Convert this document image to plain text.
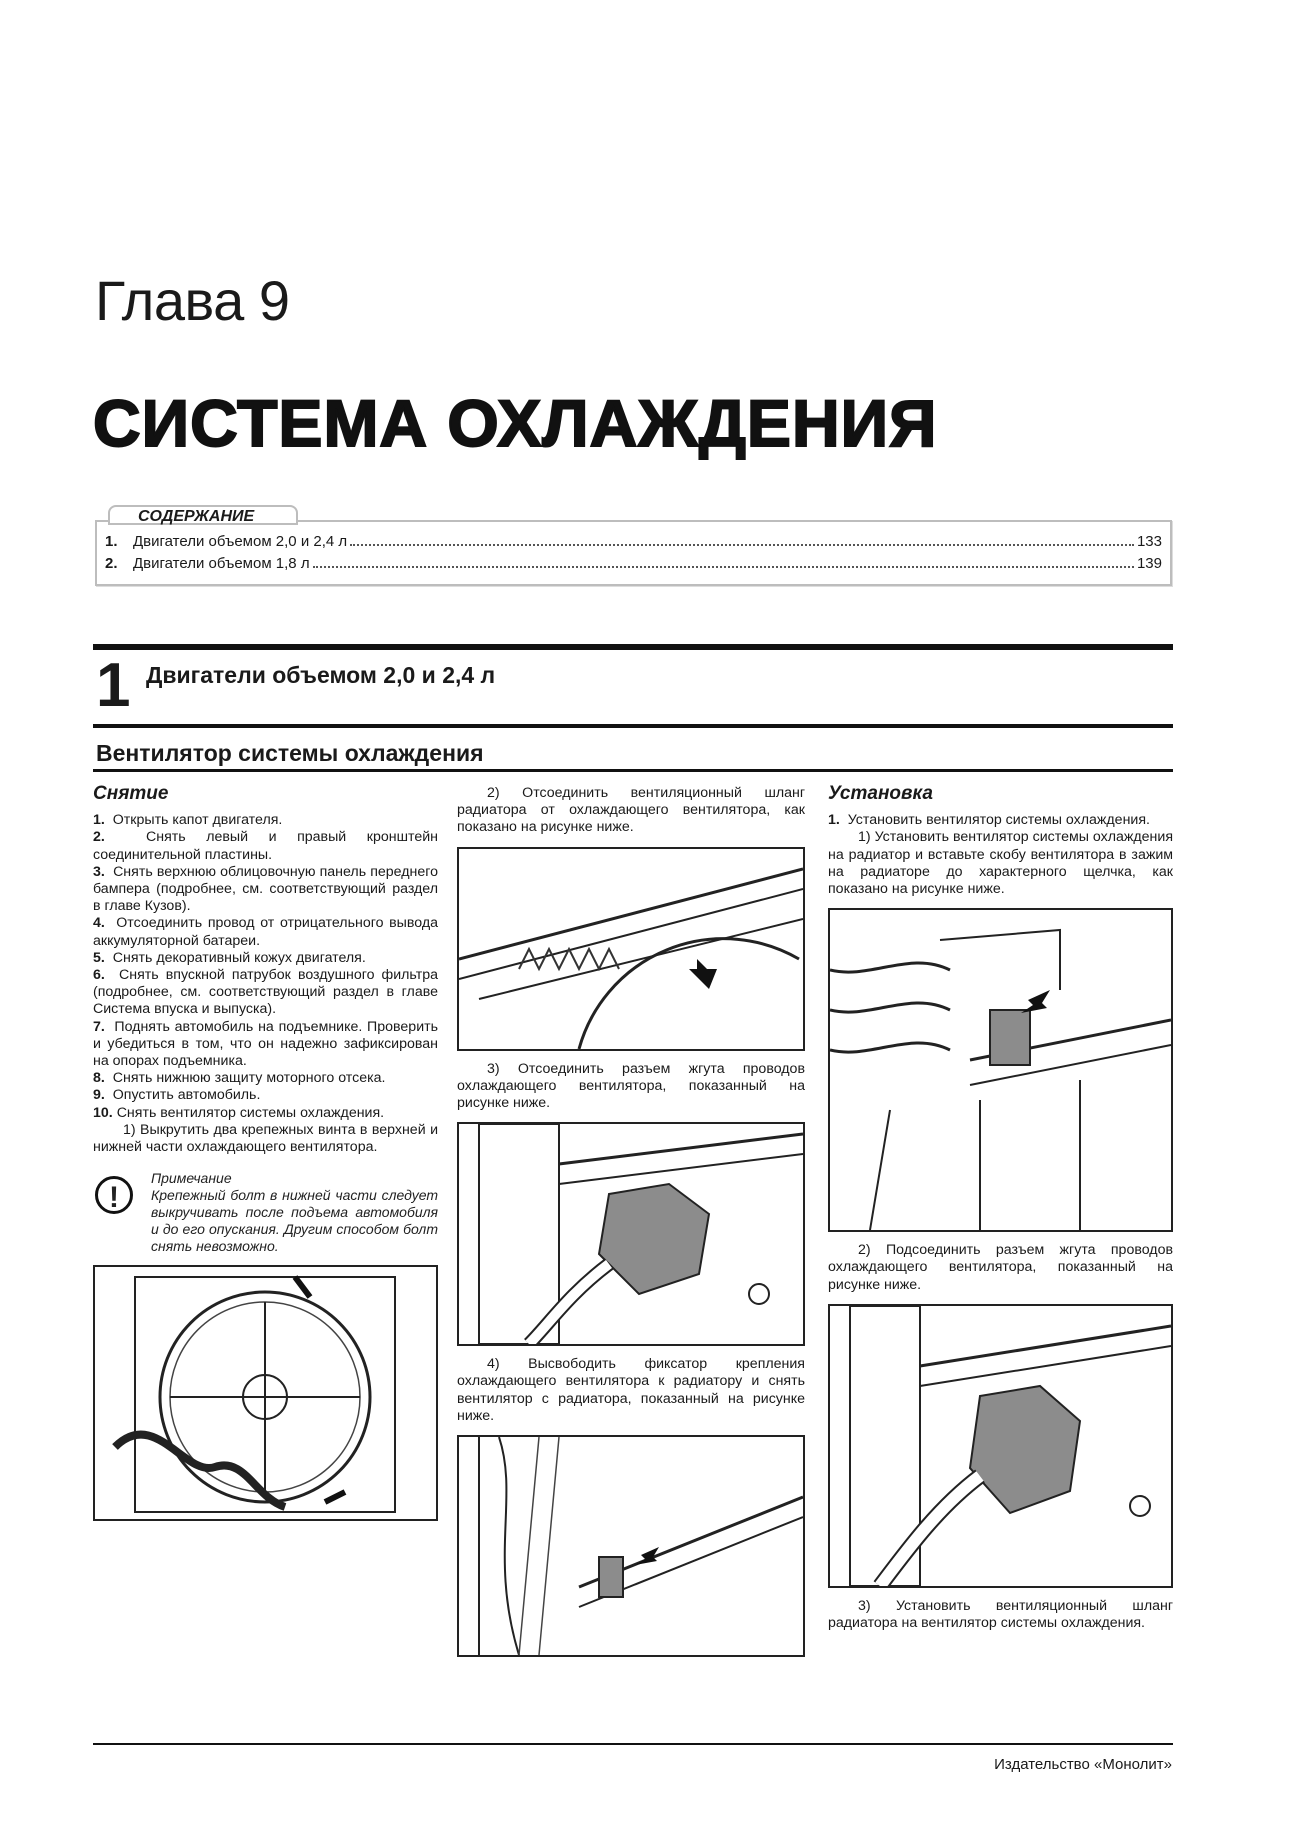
Глава 9
СИСТЕМА ОХЛАЖДЕНИЯ
1.	Двигатели объемом 2,0 и 2,4 л	133
2.	Двигатели объемом 1,8 л	139
СОДЕРЖАНИЕ
1 Двигатели объемом 2,0 и 2,4 л
Вентилятор системы охлаждения

Снятие

1. Открыть капот двигателя.

2.	Снять левый и правый кронштейн соединительной пластины.

3. Снять верхнюю облицовочную панель переднего бампера (подробнее, см. соответствующий раздел в главе Кузов).

4. Отсоединить провод от отрицательного вывода аккумуляторной батареи.

5. Снять декоративный кожух двигателя.

6. Снять впускной патрубок воздушного фильтра (подробнее, см. соответствующий раздел в главе Система впуска и выпуска).

7. Поднять автомобиль на подъемнике. Проверить и убедиться в том, что он надежно зафиксирован на опорах подъемника.

8. Снять нижнюю защиту моторного отсека.

9. Опустить автомобиль.

10. Снять вентилятор системы охлаждения.

1) Выкрутить два крепежных винта в верхней и нижней части охлаждающего вентилятора.

!
Примечание
Крепежный болт в нижней части следует выкручивать после подъема автомобиля и до его опускания. Другим способом болт снять невозможно.

2) Отсоединить вентиляционный шланг радиатора от охлаждающего вентилятора, как показано на рисунке ниже.

3) Отсоединить разъем жгута проводов охлаждающего вентилятора, показанный на рисунке ниже.

4) Высвободить фиксатор крепления охлаждающего вентилятора к радиатору и снять вентилятор с радиатора, показанный на рисунке ниже.

Установка

1. Установить вентилятор системы охлаждения.

1) Установить вентилятор системы охлаждения на радиатор и вставьте скобу вентилятора в зажим на радиаторе до характерного щелчка, как показано на рисунке ниже.

2) Подсоединить разъем жгута проводов охлаждающего вентилятора, показанный на рисунке ниже.

3) Установить вентиляционный шланг радиатора на вентилятор системы охлаждения.

Издательство «Монолит»
